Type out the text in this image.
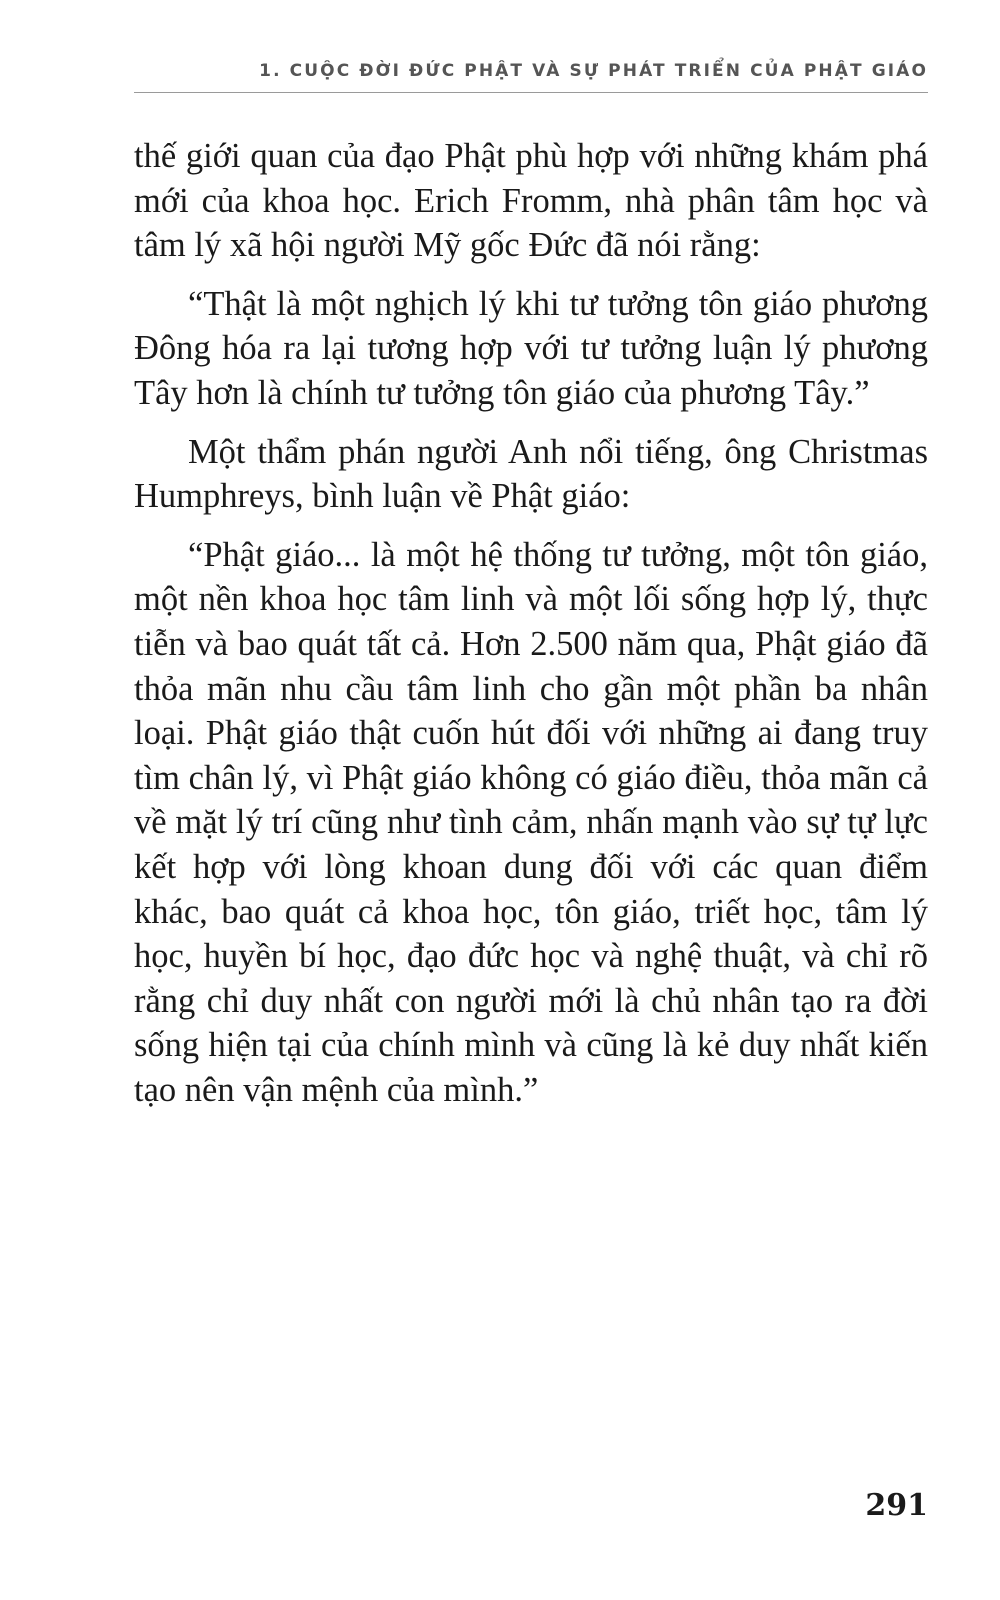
1. CUỘC ĐỜI ĐỨC PHẬT VÀ SỰ PHÁT TRIỂN CỦA PHẬT GIÁO

thế giới quan của đạo Phật phù hợp với những khám phá mới của khoa học. Erich Fromm, nhà phân tâm học và tâm lý xã hội người Mỹ gốc Đức đã nói rằng:

“Thật là một nghịch lý khi tư tưởng tôn giáo phương Đông hóa ra lại tương hợp với tư tưởng luận lý phương Tây hơn là chính tư tưởng tôn giáo của phương Tây.”

Một thẩm phán người Anh nổi tiếng, ông Christmas Humphreys, bình luận về Phật giáo:

“Phật giáo... là một hệ thống tư tưởng, một tôn giáo, một nền khoa học tâm linh và một lối sống hợp lý, thực tiễn và bao quát tất cả. Hơn 2.500 năm qua, Phật giáo đã thỏa mãn nhu cầu tâm linh cho gần một phần ba nhân loại. Phật giáo thật cuốn hút đối với những ai đang truy tìm chân lý, vì Phật giáo không có giáo điều, thỏa mãn cả về mặt lý trí cũng như tình cảm, nhấn mạnh vào sự tự lực kết hợp với lòng khoan dung đối với các quan điểm khác, bao quát cả khoa học, tôn giáo, triết học, tâm lý học, huyền bí học, đạo đức học và nghệ thuật, và chỉ rõ rằng chỉ duy nhất con người mới là chủ nhân tạo ra đời sống hiện tại của chính mình và cũng là kẻ duy nhất kiến tạo nên vận mệnh của mình.”

291
